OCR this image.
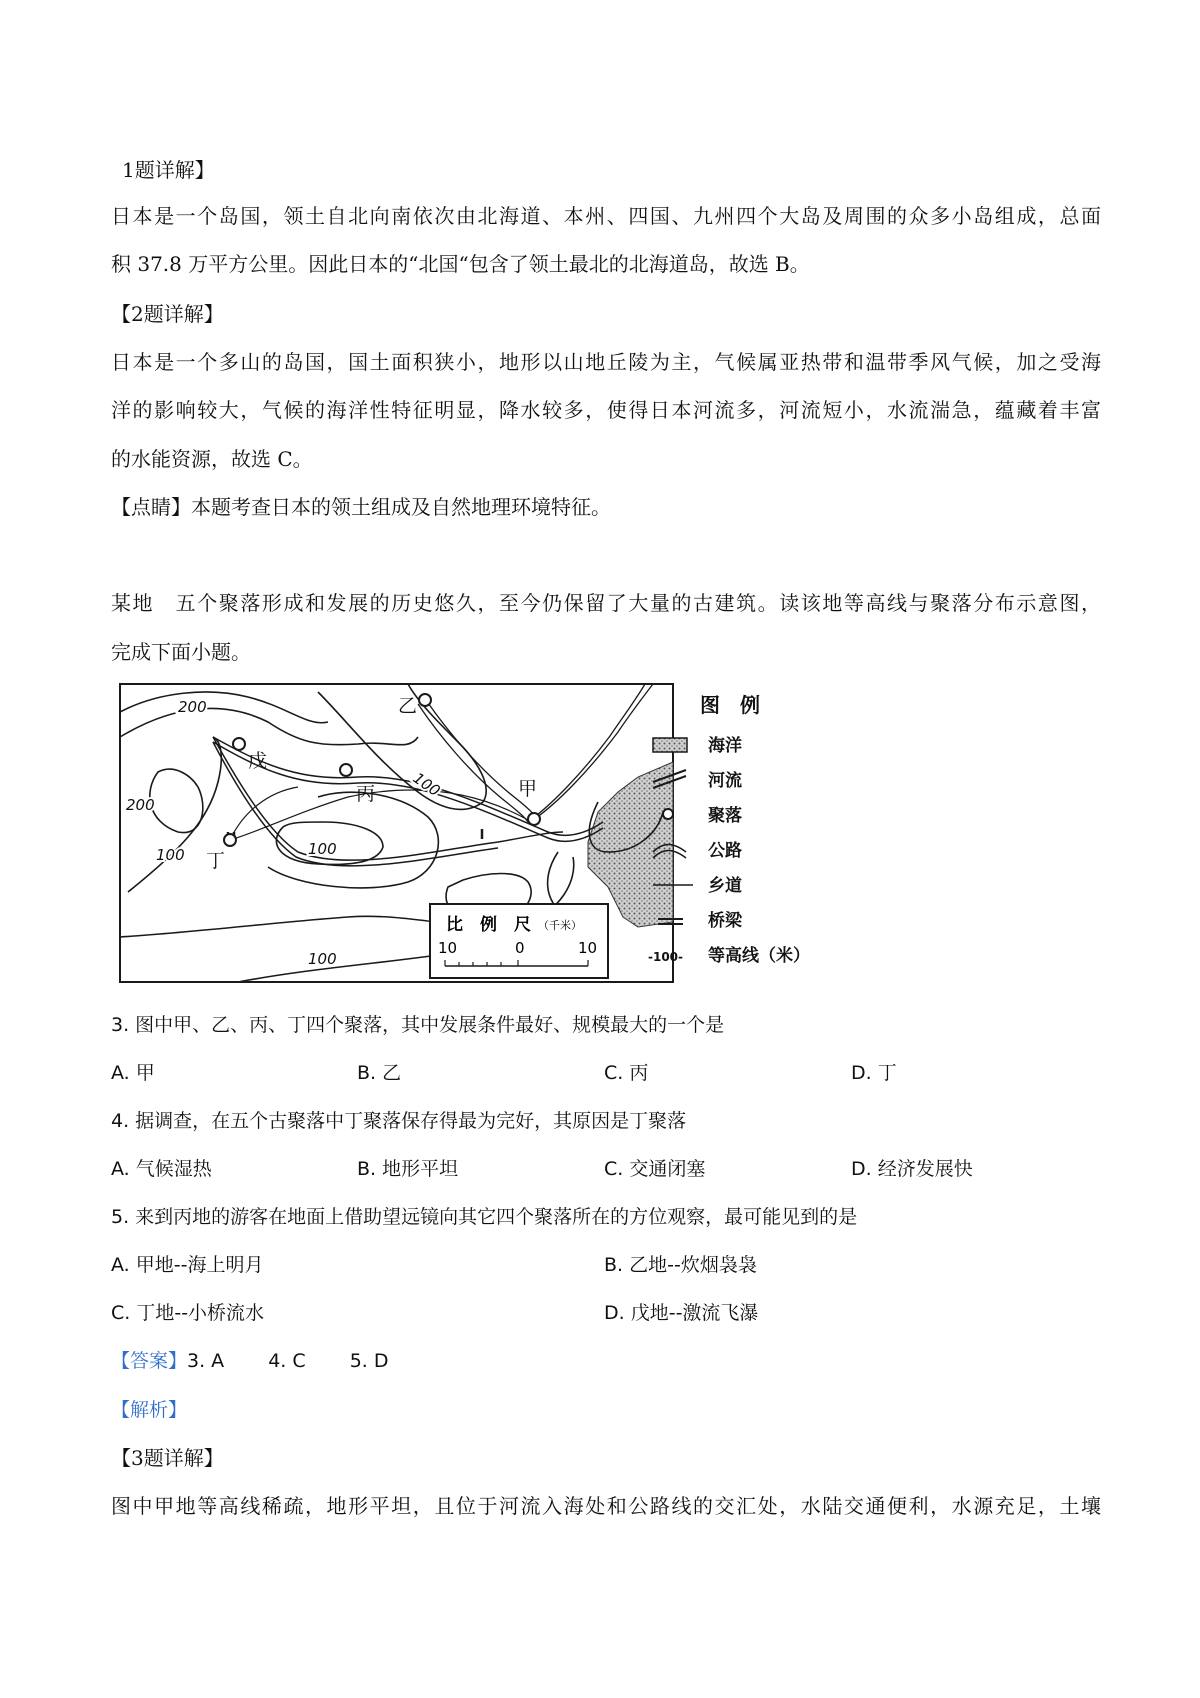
1题详解】
日本是一个岛国，领土自北向南依次由北海道、本州、四国、九州四个大岛及周围的众多小岛组成，总面
积 37.8 万平方公里。因此日本的“北国“包含了领土最北的北海道岛，故选 B。
【2题详解】
日本是一个多山的岛国，国土面积狭小，地形以山地丘陵为主，气候属亚热带和温带季风气候，加之受海
洋的影响较大，气候的海洋性特征明显，降水较多，使得日本河流多，河流短小，水流湍急，蕴藏着丰富
的水能资源，故选 C。
【点睛】本题考查日本的领土组成及自然地理环境特征。
某地　五个聚落形成和发展的历史悠久，至今仍保留了大量的古建筑。读该地等高线与聚落分布示意图，
完成下面小题。
甲
乙
丙
丁
戊
200
200
100
100
100
100
比　例　尺 （千米）
10	0	10
图　例
海洋
河流
聚落
公路
乡道
桥梁
-100- 等高线（米）
3. 图中甲、乙、丙、丁四个聚落，其中发展条件最好、规模最大的一个是
A. 甲	B. 乙	C. 丙	D. 丁
4. 据调查，在五个古聚落中丁聚落保存得最为完好，其原因是丁聚落
A. 气候湿热	B. 地形平坦	C. 交通闭塞	D. 经济发展快
5. 来到丙地的游客在地面上借助望远镜向其它四个聚落所在的方位观察，最可能见到的是
A. 甲地--海上明月	B. 乙地--炊烟袅袅
C. 丁地--小桥流水	D. 戊地--激流飞瀑
【答案】3. A　　 4. C　　 5. D
【解析】
【3题详解】
图中甲地等高线稀疏，地形平坦，且位于河流入海处和公路线的交汇处，水陆交通便利，水源充足，土壤
